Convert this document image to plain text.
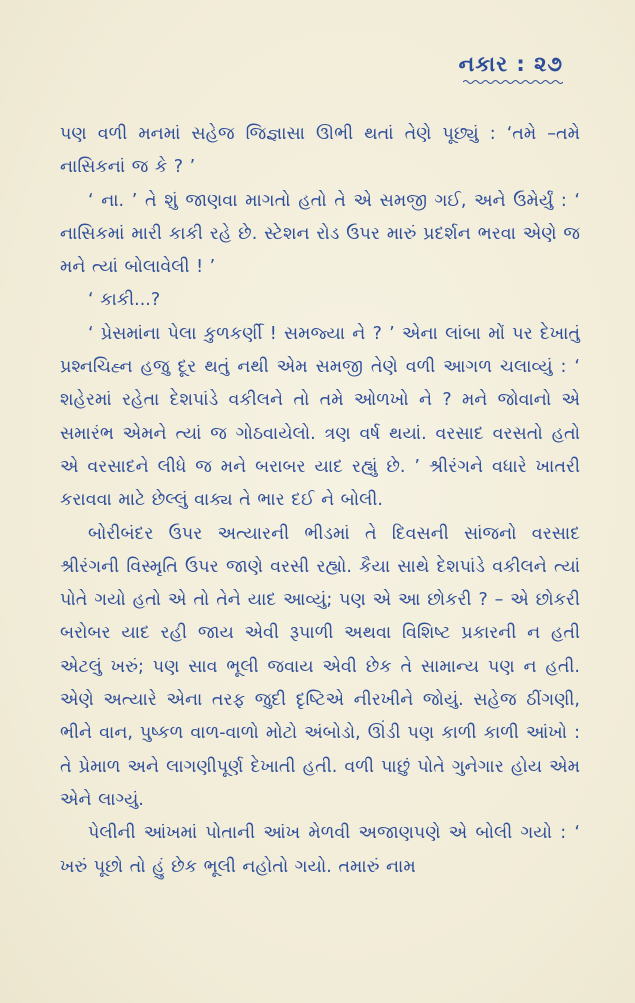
નકાર : ૨૭

પણ વળી મનમાં સહેજ જિજ્ઞાસા ઊભી થતાં તેણે પૂછ્યું : ‘તમે –તમે નાસિકનાં જ કે ? ’

‘ ના. ’ તે શું જાણવા માગતો હતો તે એ સમજી ગઈ, અને ઉમેર્યું : ‘ નાસિકમાં મારી કાકી રહે છે. સ્ટેશન રોડ ઉપર મારું પ્રદર્શન ભરવા એણે જ મને ત્યાં બોલાવેલી ! ’

‘ કાકી...?

‘ પ્રેસમાંના પેલા કુળકર્ણી ! સમજ્યા ને ? ’ એના લાંબા મોં પર દેખાતું પ્રશ્નચિહ્ન હજુ દૂર થતું નથી એમ સમજી તેણે વળી આગળ ચલાવ્યું : ‘ શહેરમાં રહેતા દેશપાંડે વકીલને તો તમે ઓળખો ને ? મને જોવાનો એ સમારંભ એમને ત્યાં જ ગોઠવાયેલો. ત્રણ વર્ષ થયાં. વરસાદ વરસતો હતો એ વરસાદને લીધે જ મને બરાબર યાદ રહ્યું છે. ’ શ્રીરંગને વધારે ખાતરી કરાવવા માટે છેલ્લું વાક્ય તે ભાર દઈ ને બોલી.

બોરીબંદર ઉપર અત્યારની ભીડમાં તે દિવસની સાંજનો વરસાદ શ્રીરંગની વિસ્મૃતિ ઉપર જાણે વરસી રહ્યો. કૈયા સાથે દેશપાંડે વકીલને ત્યાં પોતે ગયો હતો એ તો તેને યાદ આવ્યું; પણ એ આ છોકરી ? – એ છોકરી બરોબર યાદ રહી જાય એવી રૂપાળી અથવા વિશિષ્ટ પ્રકારની ન હતી એટલું ખરું; પણ સાવ ભૂલી જવાય એવી છેક તે સામાન્ય પણ ન હતી. એણે અત્યારે એના તરફ જુદી દૃષ્ટિએ નીરખીને જોયું. સહેજ ઠીંગણી, ભીને વાન, પુષ્કળ વાળ-વાળો મોટો અંબોડો, ઊંડી પણ કાળી કાળી આંખો : તે પ્રેમાળ અને લાગણીપૂર્ણ દેખાતી હતી. વળી પાછું પોતે ગુનેગાર હોય એમ એને લાગ્યું.

પેલીની આંખમાં પોતાની આંખ મેળવી અજાણપણે એ બોલી ગયો : ‘ ખરું પૂછો તો હું છેક ભૂલી નહોતો ગયો. તમારું નામ
